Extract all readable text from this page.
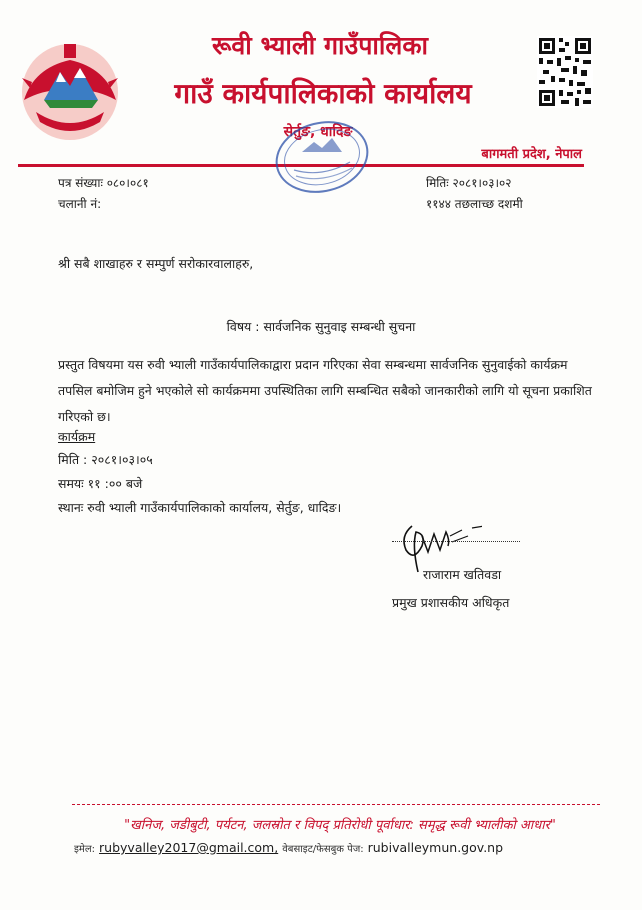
रूवी भ्याली गाउँपालिका
गाउँ कार्यपालिकाको कार्यालय
सेर्तुङ, धादिङ
बागमती प्रदेश, नेपाल
पत्र संख्याः ०८०।०८१
चलानी नं:
मितिः २०८१।०३।०२
११४४ तछलाच्छ दशमी
श्री सबै शाखाहरु र सम्पुर्ण सरोकारवालाहरु,
विषय : सार्वजनिक सुनुवाइ सम्बन्धी सुचना
प्रस्तुत विषयमा यस रुवी भ्याली गाउँकार्यपालिकाद्वारा प्रदान गरिएका सेवा सम्बन्धमा सार्वजनिक सुनुवाईको कार्यक्रम तपसिल बमोजिम हुने भएकोले सो कार्यक्रममा उपस्थितिका लागि सम्बन्धित सबैको जानकारीको लागि यो सूचना प्रकाशित गरिएको छ।
कार्यक्रम
मिति : २०८१।०३।०५
समयः ११ :०० बजे
स्थानः रुवी भ्याली गाउँकार्यपालिकाको कार्यालय, सेर्तुङ, धादिङ।
राजाराम खतिवडा
प्रमुख प्रशासकीय अधिकृत
"खनिज, जडीबुटी, पर्यटन, जलस्रोत र विपद् प्रतिरोधी पूर्वाधार: समृद्ध रूवी भ्यालीको आधार"
इमेल: rubyvalley2017@gmail.com, वेबसाइट/फेसबुक पेज: rubivalleymun.gov.np
